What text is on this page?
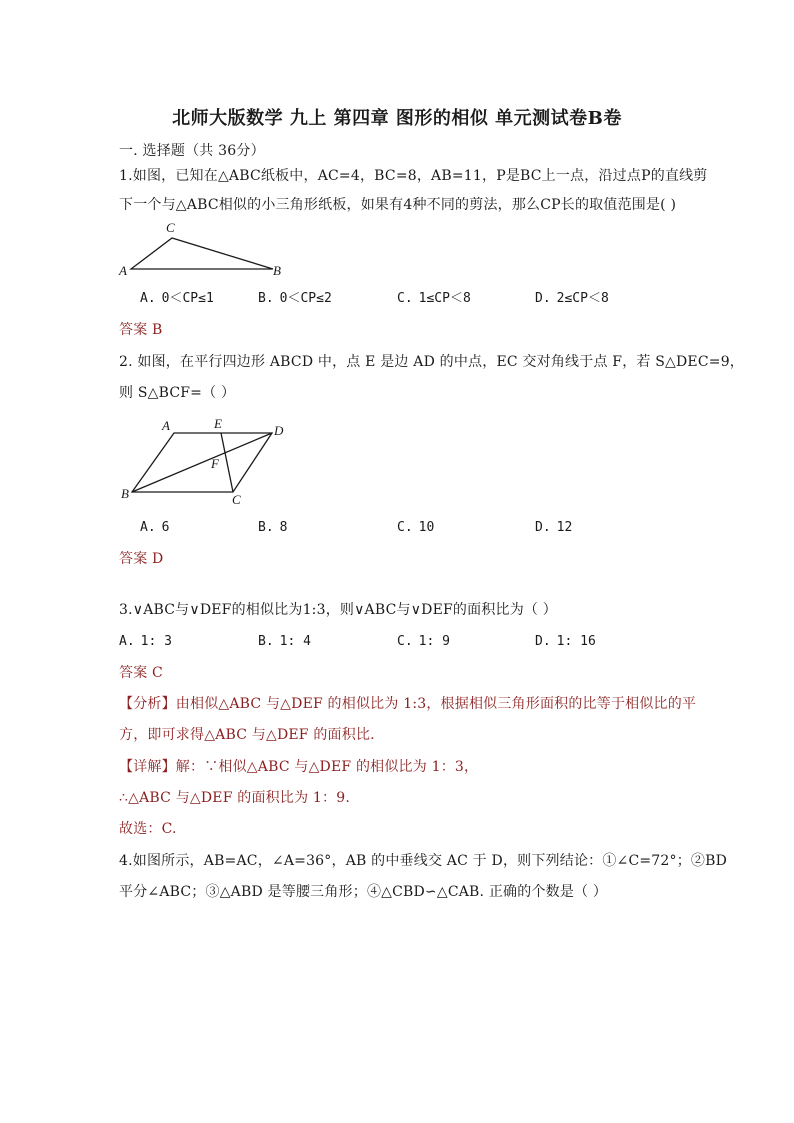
北师大版数学 九上 第四章 图形的相似 单元测试卷B卷
一. 选择题（共 36分）
1.如图，已知在△ABC纸板中，AC=4，BC=8，AB=11，P是BC上一点，沿过点P的直线剪
下一个与△ABC相似的小三角形纸板，如果有4种不同的剪法，那么CP长的取值范围是( )
C
A	B
A. 0＜CP≤1	B. 0＜CP≤2	C. 1≤CP＜8	D. 2≤CP＜8
答案 B
2. 如图，在平行四边形 ABCD 中，点 E 是边 AD 的中点，EC 交对角线于点 F，若 S△DEC=9，
则 S△BCF=（ ）
A	E	D
F
B	C
A. 6	B. 8	C. 10	D. 12
答案 D
3.∨ABC与∨DEF的相似比为1:3，则∨ABC与∨DEF的面积比为（ ）
A. 1: 3	B. 1: 4	C. 1: 9	D. 1: 16
答案 C
【分析】由相似△ABC 与△DEF 的相似比为 1:3，根据相似三角形面积的比等于相似比的平
方，即可求得△ABC 与△DEF 的面积比.
【详解】解：∵相似△ABC 与△DEF 的相似比为 1：3，
∴△ABC 与△DEF 的面积比为 1：9.
故选：C.
4.如图所示，AB=AC，∠A=36°，AB 的中垂线交 AC 于 D，则下列结论：①∠C=72°；②BD
平分∠ABC；③△ABD 是等腰三角形；④△CBD∽△CAB. 正确的个数是（ ）
